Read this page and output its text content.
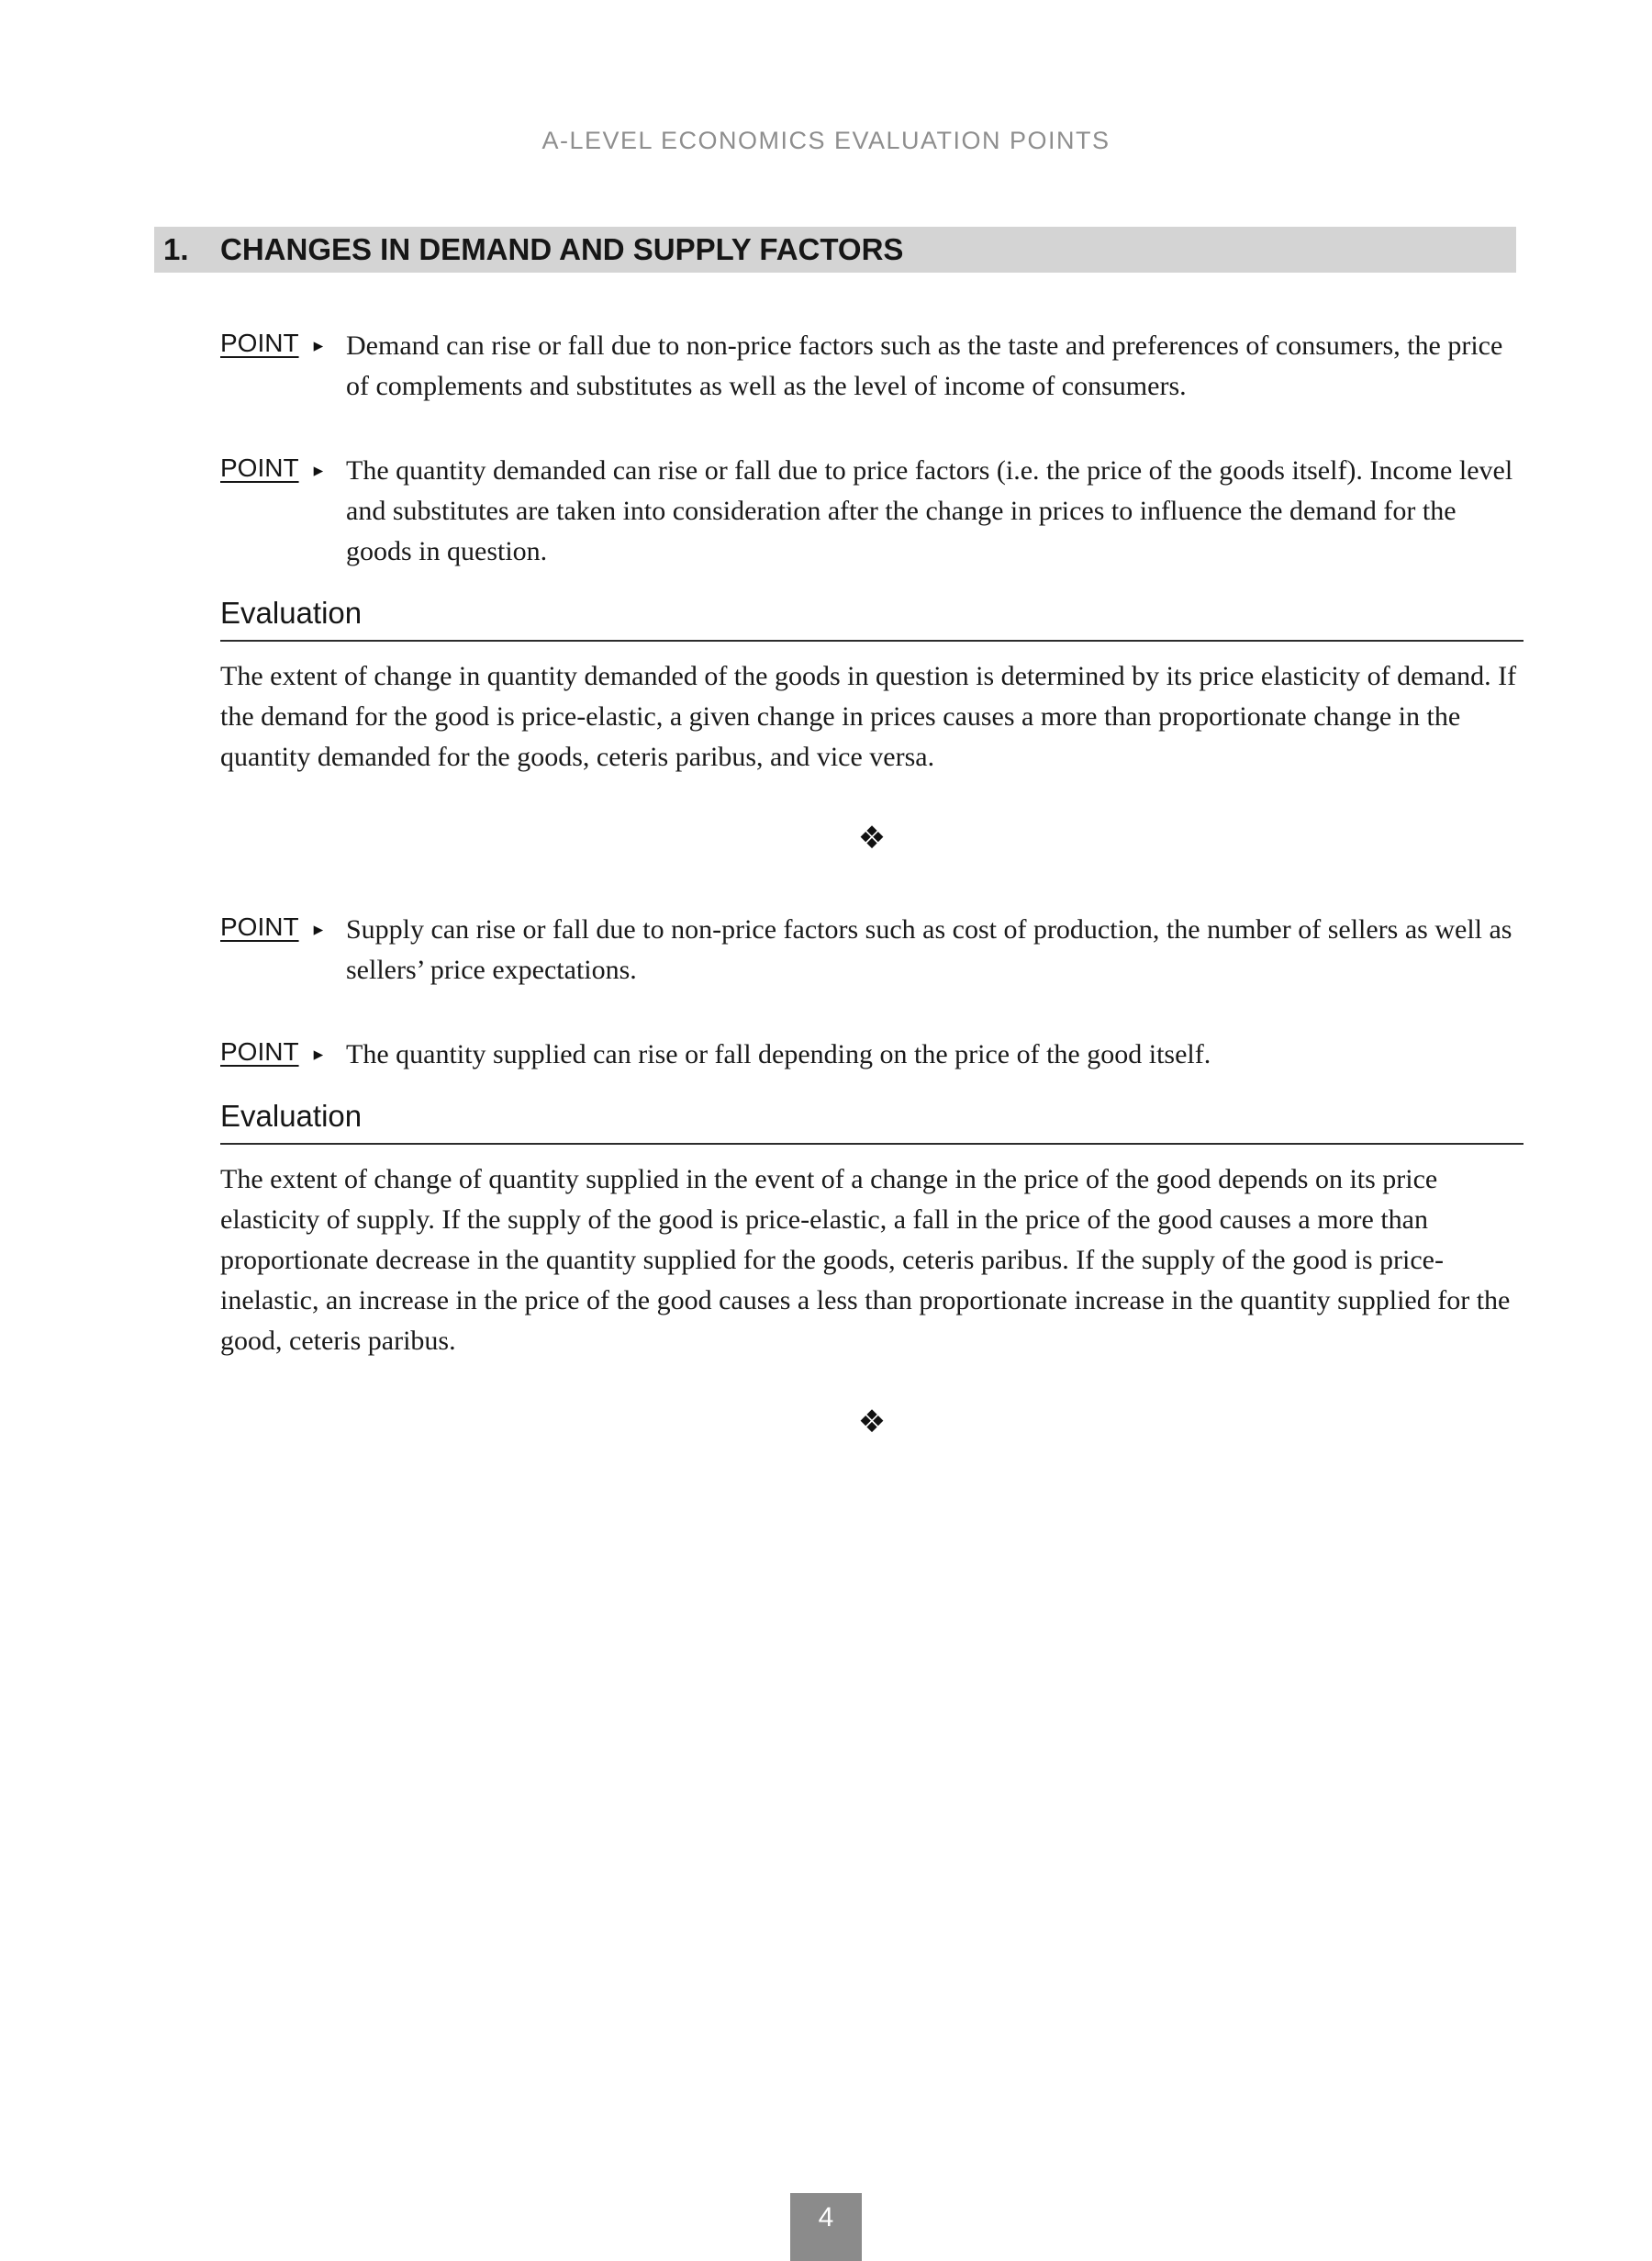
A-LEVEL ECONOMICS EVALUATION POINTS
1.	CHANGES IN DEMAND AND SUPPLY FACTORS
POINT ▸ Demand can rise or fall due to non-price factors such as the taste and preferences of consumers, the price of complements and substitutes as well as the level of income of consumers.

POINT ▸ The quantity demanded can rise or fall due to price factors (i.e. the price of the goods itself). Income level and substitutes are taken into consideration after the change in prices to influence the demand for the goods in question.

Evaluation

The extent of change in quantity demanded of the goods in question is determined by its price elasticity of demand. If the demand for the good is price-elastic, a given change in prices causes a more than proportionate change in the quantity demanded for the goods, ceteris paribus, and vice versa.

❖
POINT ▸ Supply can rise or fall due to non-price factors such as cost of production, the number of sellers as well as sellers’ price expectations.

POINT ▸ The quantity supplied can rise or fall depending on the price of the good itself.

Evaluation

The extent of change of quantity supplied in the event of a change in the price of the good depends on its price elasticity of supply. If the supply of the good is price-elastic, a fall in the price of the good causes a more than proportionate decrease in the quantity supplied for the goods, ceteris paribus. If the supply of the good is price-inelastic, an increase in the price of the good causes a less than proportionate increase in the quantity supplied for the good, ceteris paribus.

❖
4
